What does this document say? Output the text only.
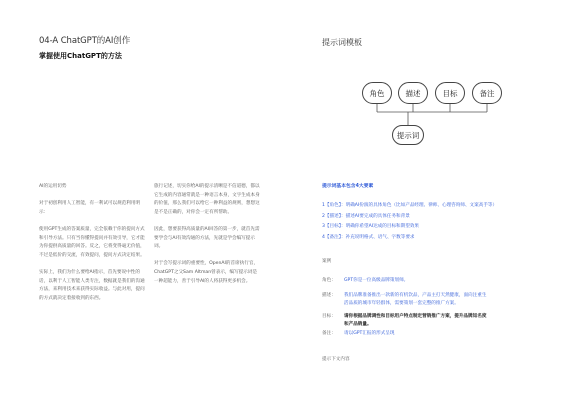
04-A ChatGPT的AI创作
掌握使用ChatGPT的方法
提示词模板
角色	描述	目标	备注
提示词
AI的运用切势

对于初创利用人工智能，有一利试可以规范利用明示：

使用GPT生成的答案质量，完全依赖于你的提问方式和引导方法。只有当你懂得提问并有效引导，它才能为你提供高质量的回答。反之，它将变得毫无价值，不过是低价的交流，有效提问，提问方式决定结果。

实际上，我们为什么要给AI指示，首先要说中性的话，以利于人工智能人类专注，数据就是我们的沟通方法，来利用技术来获得实际收益。与此对用，提问的方式就决定着接收到的东西。

旅行记述，切实你给AI的提示清晰是不信道德，都以它生成的内容通常就是一种语言本身，文字生成本身的价值，那么我们可以给它一种利益的规则，想想这是不是正确的，对你会一定有所帮助。

因此，想要获得高质量的AI回答的第一步，就首先需要学会与AI有效沟通的方法，先就是学会编写提示词。

对于会写提示词的重要性，OpenAI的首席执行官，ChatGPT之父Sam Altman曾表示，编写提示词是一种超能力，善于引导AI的人将获得更多机会。

提示词基本包含4大要素
1【角色】：明确AI扮演的具体角色（比如产品经理、律师、心理咨询师、文案高手等）
2【描述】：描述AI要完成的具体任务和背景
3【目标】：明确你希望AI达成的目标和期望效果
4【备注】：补充说明格式、语气、字数等要求
案例
角色： GPT你是一位高级品牌策划师。
描述： 我们品牌准备推出一款新的有机饮品，产品主打天然健康，面向注重生活品质的城市年轻群体，需要策划一套完整的推广方案。
目标： 请你根据品牌调性和目标用户特点制定营销推广方案，提升品牌知名度和产品销量。
备注： 请以GPT汇报的形式呈现
提示下文内容
